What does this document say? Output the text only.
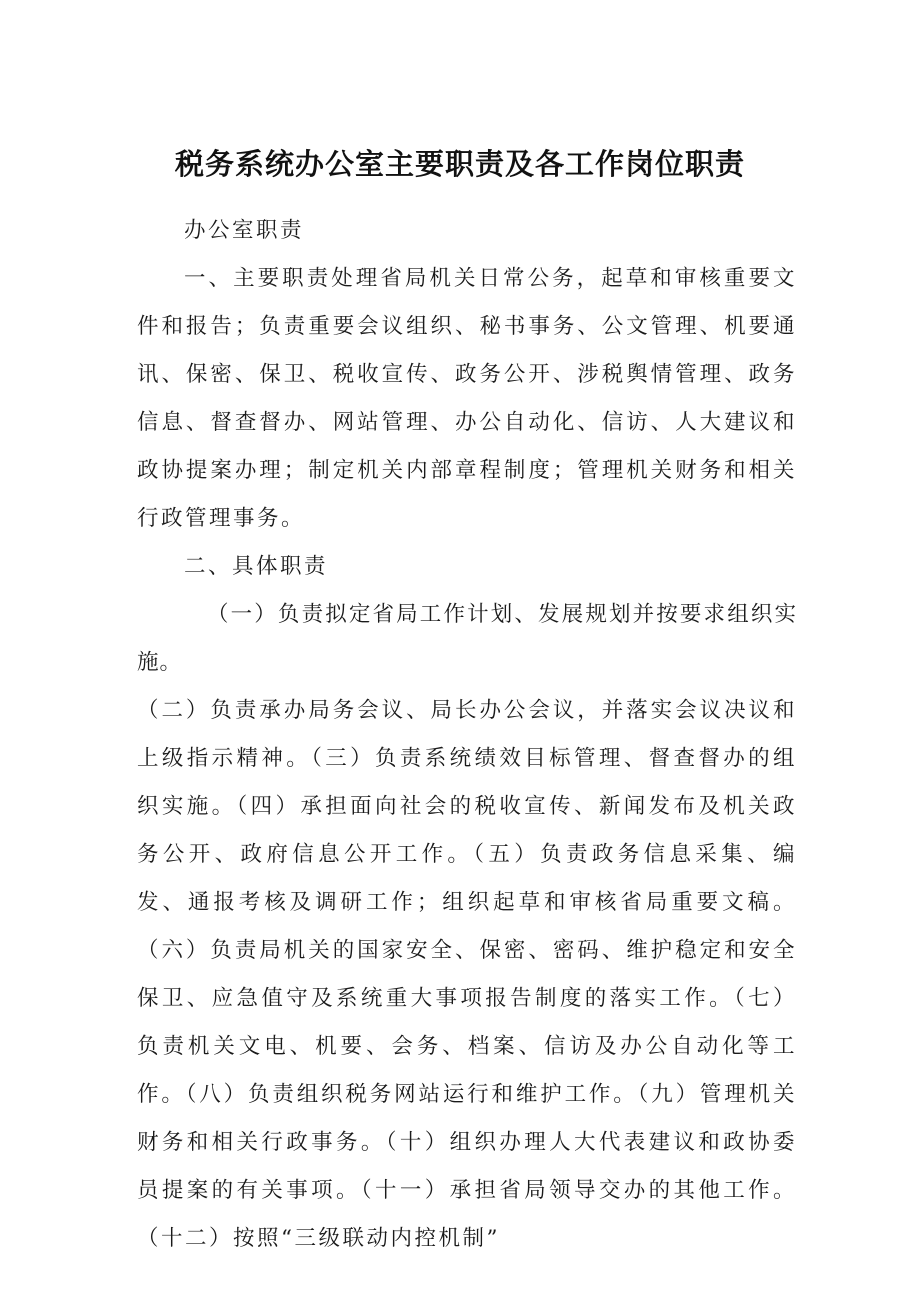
税务系统办公室主要职责及各工作岗位职责

办公室职责

一、主要职责处理省局机关日常公务，起草和审核重要文件和报告；负责重要会议组织、秘书事务、公文管理、机要通讯、保密、保卫、税收宣传、政务公开、涉税舆情管理、政务信息、督查督办、网站管理、办公自动化、信访、人大建议和政协提案办理；制定机关内部章程制度；管理机关财务和相关行政管理事务。

二、具体职责

（一）负责拟定省局工作计划、发展规划并按要求组织实施。

（二）负责承办局务会议、局长办公会议，并落实会议决议和上级指示精神。（三）负责系统绩效目标管理、督查督办的组织实施。（四）承担面向社会的税收宣传、新闻发布及机关政务公开、政府信息公开工作。（五）负责政务信息采集、编发、通报考核及调研工作；组织起草和审核省局重要文稿。（六）负责局机关的国家安全、保密、密码、维护稳定和安全保卫、应急值守及系统重大事项报告制度的落实工作。（七）负责机关文电、机要、会务、档案、信访及办公自动化等工作。（八）负责组织税务网站运行和维护工作。（九）管理机关财务和相关行政事务。（十）组织办理人大代表建议和政协委员提案的有关事项。（十一）承担省局领导交办的其他工作。（十二）按照“三级联动内控机制”
